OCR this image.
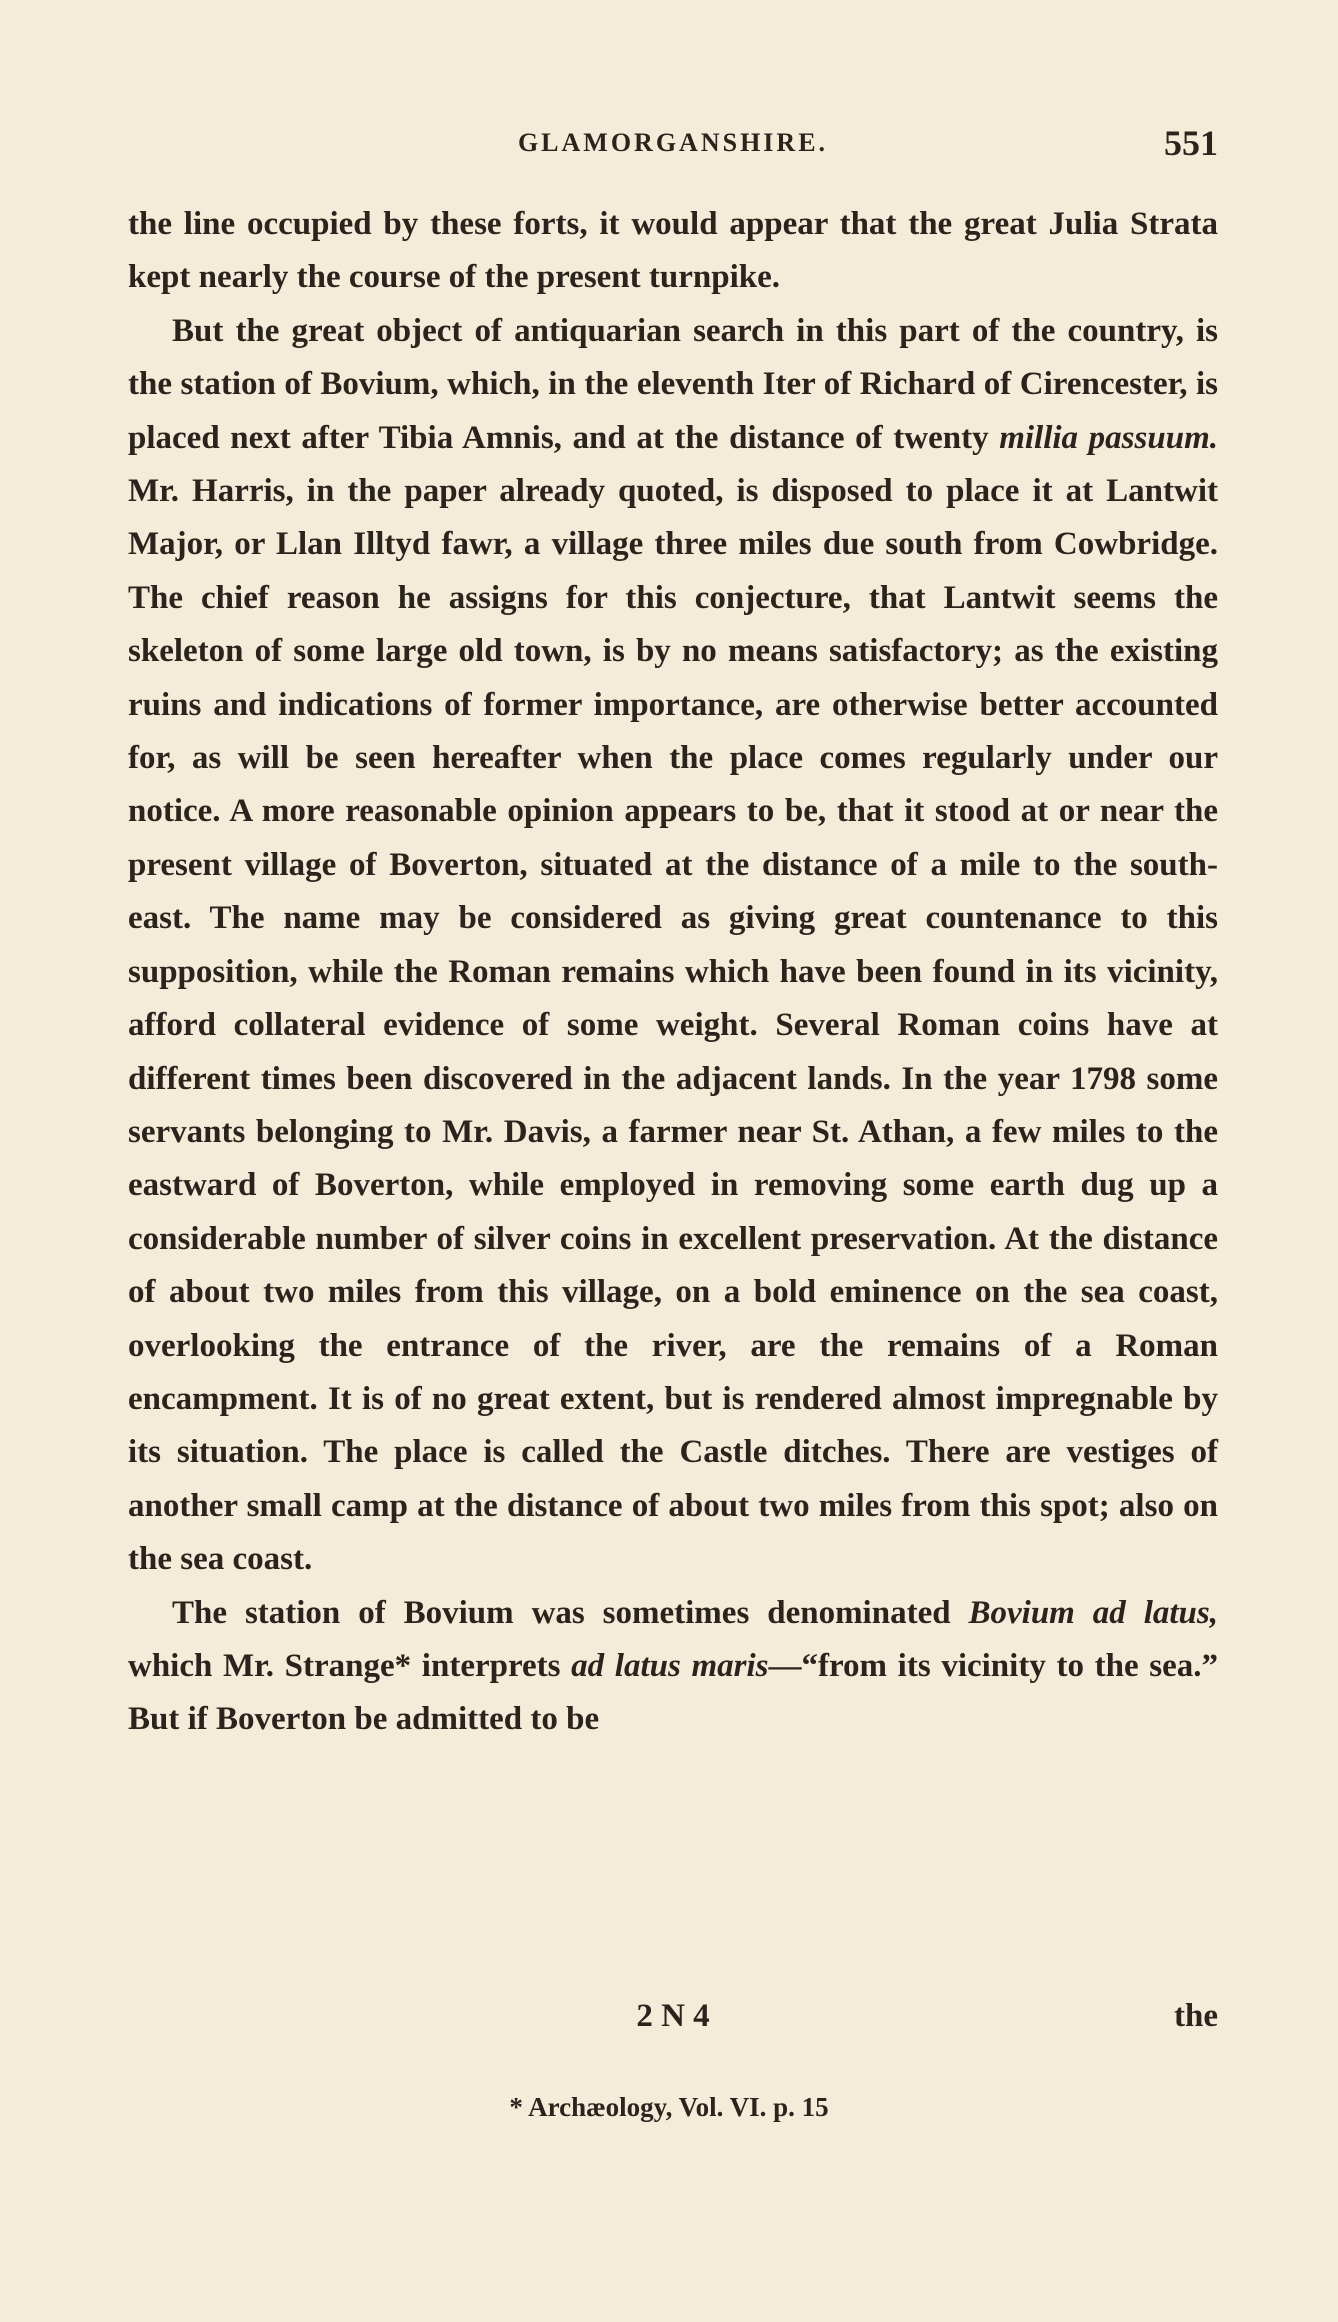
GLAMORGANSHIRE.	551

the line occupied by these forts, it would appear that the great Julia Strata kept nearly the course of the present turnpike.

But the great object of antiquarian search in this part of the country, is the station of Bovium, which, in the eleventh Iter of Richard of Cirencester, is placed next after Tibia Amnis, and at the distance of twenty millia passuum. Mr. Harris, in the paper already quoted, is disposed to place it at Lantwit Major, or Llan Illtyd fawr, a village three miles due south from Cowbridge. The chief reason he assigns for this conjecture, that Lantwit seems the skeleton of some large old town, is by no means satisfactory; as the existing ruins and indications of former importance, are otherwise better accounted for, as will be seen hereafter when the place comes regularly under our notice. A more reasonable opinion appears to be, that it stood at or near the present village of Boverton, situated at the distance of a mile to the south-east. The name may be considered as giving great countenance to this supposition, while the Roman remains which have been found in its vicinity, afford collateral evidence of some weight. Several Roman coins have at different times been discovered in the adjacent lands. In the year 1798 some servants belonging to Mr. Davis, a farmer near St. Athan, a few miles to the eastward of Boverton, while employed in removing some earth dug up a considerable number of silver coins in excellent preservation. At the distance of about two miles from this village, on a bold eminence on the sea coast, overlooking the entrance of the river, are the remains of a Roman encampment. It is of no great extent, but is rendered almost impregnable by its situation. The place is called the Castle ditches. There are vestiges of another small camp at the distance of about two miles from this spot; also on the sea coast.

The station of Bovium was sometimes denominated Bovium ad latus, which Mr. Strange* interprets ad latus maris—“from its vicinity to the sea.” But if Boverton be admitted to be

2 N 4	the
* Archæology, Vol. VI. p. 15
